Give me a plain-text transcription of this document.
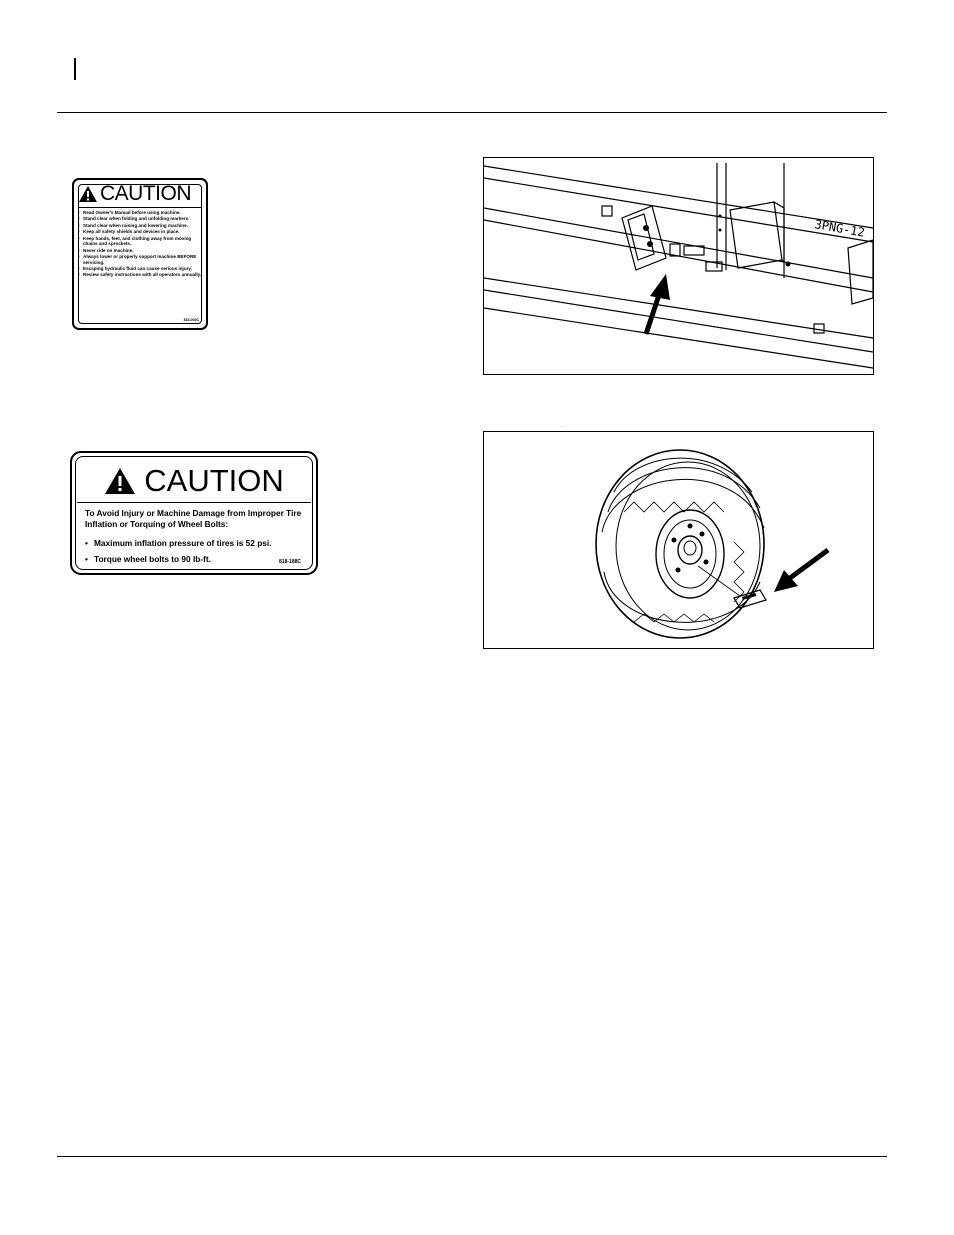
CAUTION
• Read Owner's Manual before using machine.
• Stand clear when folding and unfolding markers.
• Stand clear when raising and lowering machine.
• Keep all safety shields and devices in place.
• Keep hands, feet, and clothing away from moving chains and sprockets.
• Never ride on machine.
• Always lower or properly support machine BEFORE servicing.
• Escaping hydraulic fluid can cause serious injury.
• Review safety instructions with all operators annually.
818-003C
CAUTION
To Avoid Injury or Machine Damage from Improper Tire Inflation or Torquing of Wheel Bolts:
• Maximum inflation pressure of tires is 52 psi.
• Torque wheel bolts to 90 lb-ft.	818-188C
3PNG-12
··
